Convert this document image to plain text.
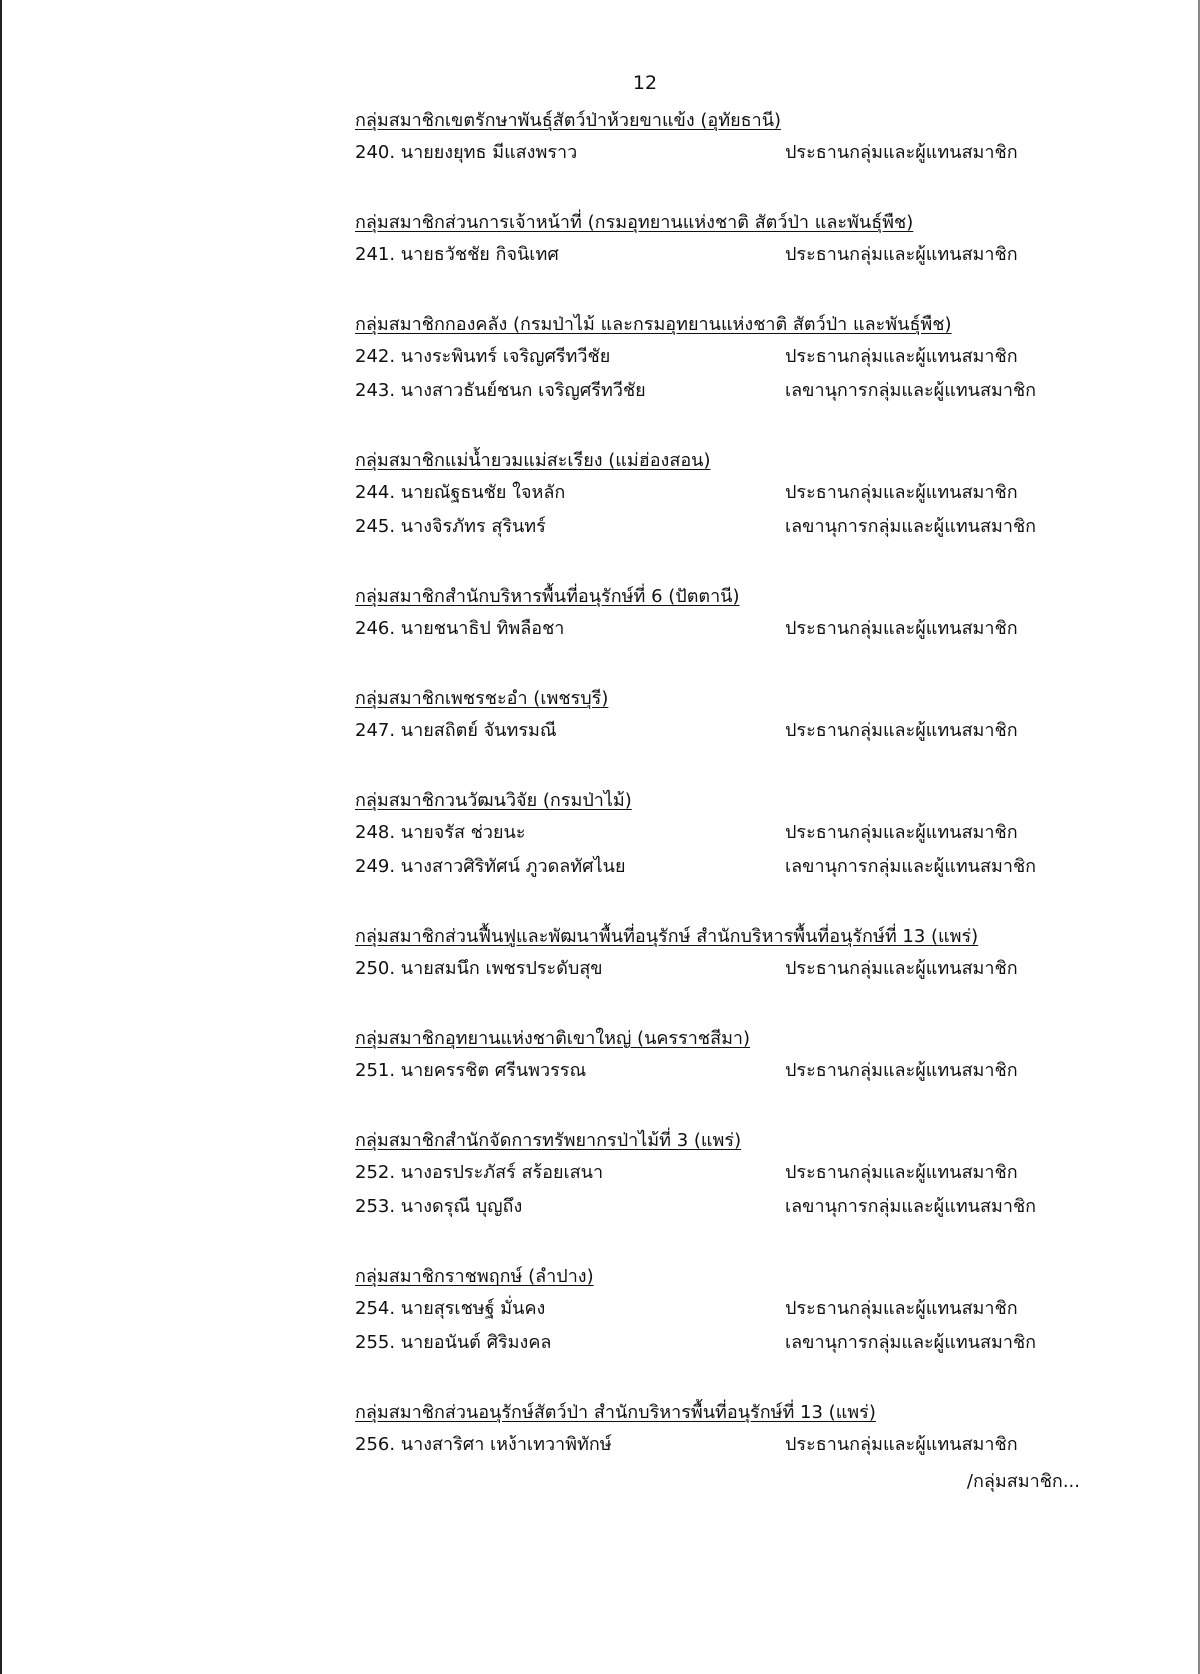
12
กลุ่มสมาชิกเขตรักษาพันธุ์สัตว์ป่าห้วยขาแข้ง (อุทัยธานี)
240. นายยงยุทธ มีแสงพราว	ประธานกลุ่มและผู้แทนสมาชิก
กลุ่มสมาชิกส่วนการเจ้าหน้าที่ (กรมอุทยานแห่งชาติ สัตว์ป่า และพันธุ์พืช)
241. นายธวัชชัย กิจนิเทศ	ประธานกลุ่มและผู้แทนสมาชิก
กลุ่มสมาชิกกองคลัง (กรมป่าไม้ และกรมอุทยานแห่งชาติ สัตว์ป่า และพันธุ์พืช)
242. นางระพินทร์ เจริญศรีทวีชัย	ประธานกลุ่มและผู้แทนสมาชิก
243. นางสาวธันย์ชนก เจริญศรีทวีชัย	เลขานุการกลุ่มและผู้แทนสมาชิก
กลุ่มสมาชิกแม่น้ำยวมแม่สะเรียง (แม่ฮ่องสอน)
244. นายณัฐธนชัย ใจหลัก	ประธานกลุ่มและผู้แทนสมาชิก
245. นางจิรภัทร สุรินทร์	เลขานุการกลุ่มและผู้แทนสมาชิก
กลุ่มสมาชิกสำนักบริหารพื้นที่อนุรักษ์ที่ 6 (ปัตตานี)
246. นายชนาธิป ทิพลือชา	ประธานกลุ่มและผู้แทนสมาชิก
กลุ่มสมาชิกเพชรชะอำ (เพชรบุรี)
247. นายสถิตย์ จันทรมณี	ประธานกลุ่มและผู้แทนสมาชิก
กลุ่มสมาชิกวนวัฒนวิจัย (กรมป่าไม้)
248. นายจรัส ช่วยนะ	ประธานกลุ่มและผู้แทนสมาชิก
249. นางสาวศิริทัศน์ ภูวดลทัศไนย	เลขานุการกลุ่มและผู้แทนสมาชิก
กลุ่มสมาชิกส่วนฟื้นฟูและพัฒนาพื้นที่อนุรักษ์ สำนักบริหารพื้นที่อนุรักษ์ที่ 13 (แพร่)
250. นายสมนึก เพชรประดับสุข	ประธานกลุ่มและผู้แทนสมาชิก
กลุ่มสมาชิกอุทยานแห่งชาติเขาใหญ่ (นครราชสีมา)
251. นายครรชิต ศรีนพวรรณ	ประธานกลุ่มและผู้แทนสมาชิก
กลุ่มสมาชิกสำนักจัดการทรัพยากรป่าไม้ที่ 3 (แพร่)
252. นางอรประภัสร์ สร้อยเสนา	ประธานกลุ่มและผู้แทนสมาชิก
253. นางดรุณี บุญถึง	เลขานุการกลุ่มและผู้แทนสมาชิก
กลุ่มสมาชิกราชพฤกษ์ (ลำปาง)
254. นายสุรเชษฐ์ มั่นคง	ประธานกลุ่มและผู้แทนสมาชิก
255. นายอนันต์ ศิริมงคล	เลขานุการกลุ่มและผู้แทนสมาชิก
กลุ่มสมาชิกส่วนอนุรักษ์สัตว์ป่า สำนักบริหารพื้นที่อนุรักษ์ที่ 13 (แพร่)
256. นางสาริศา เหง้าเทวาพิทักษ์	ประธานกลุ่มและผู้แทนสมาชิก
/กลุ่มสมาชิก...
